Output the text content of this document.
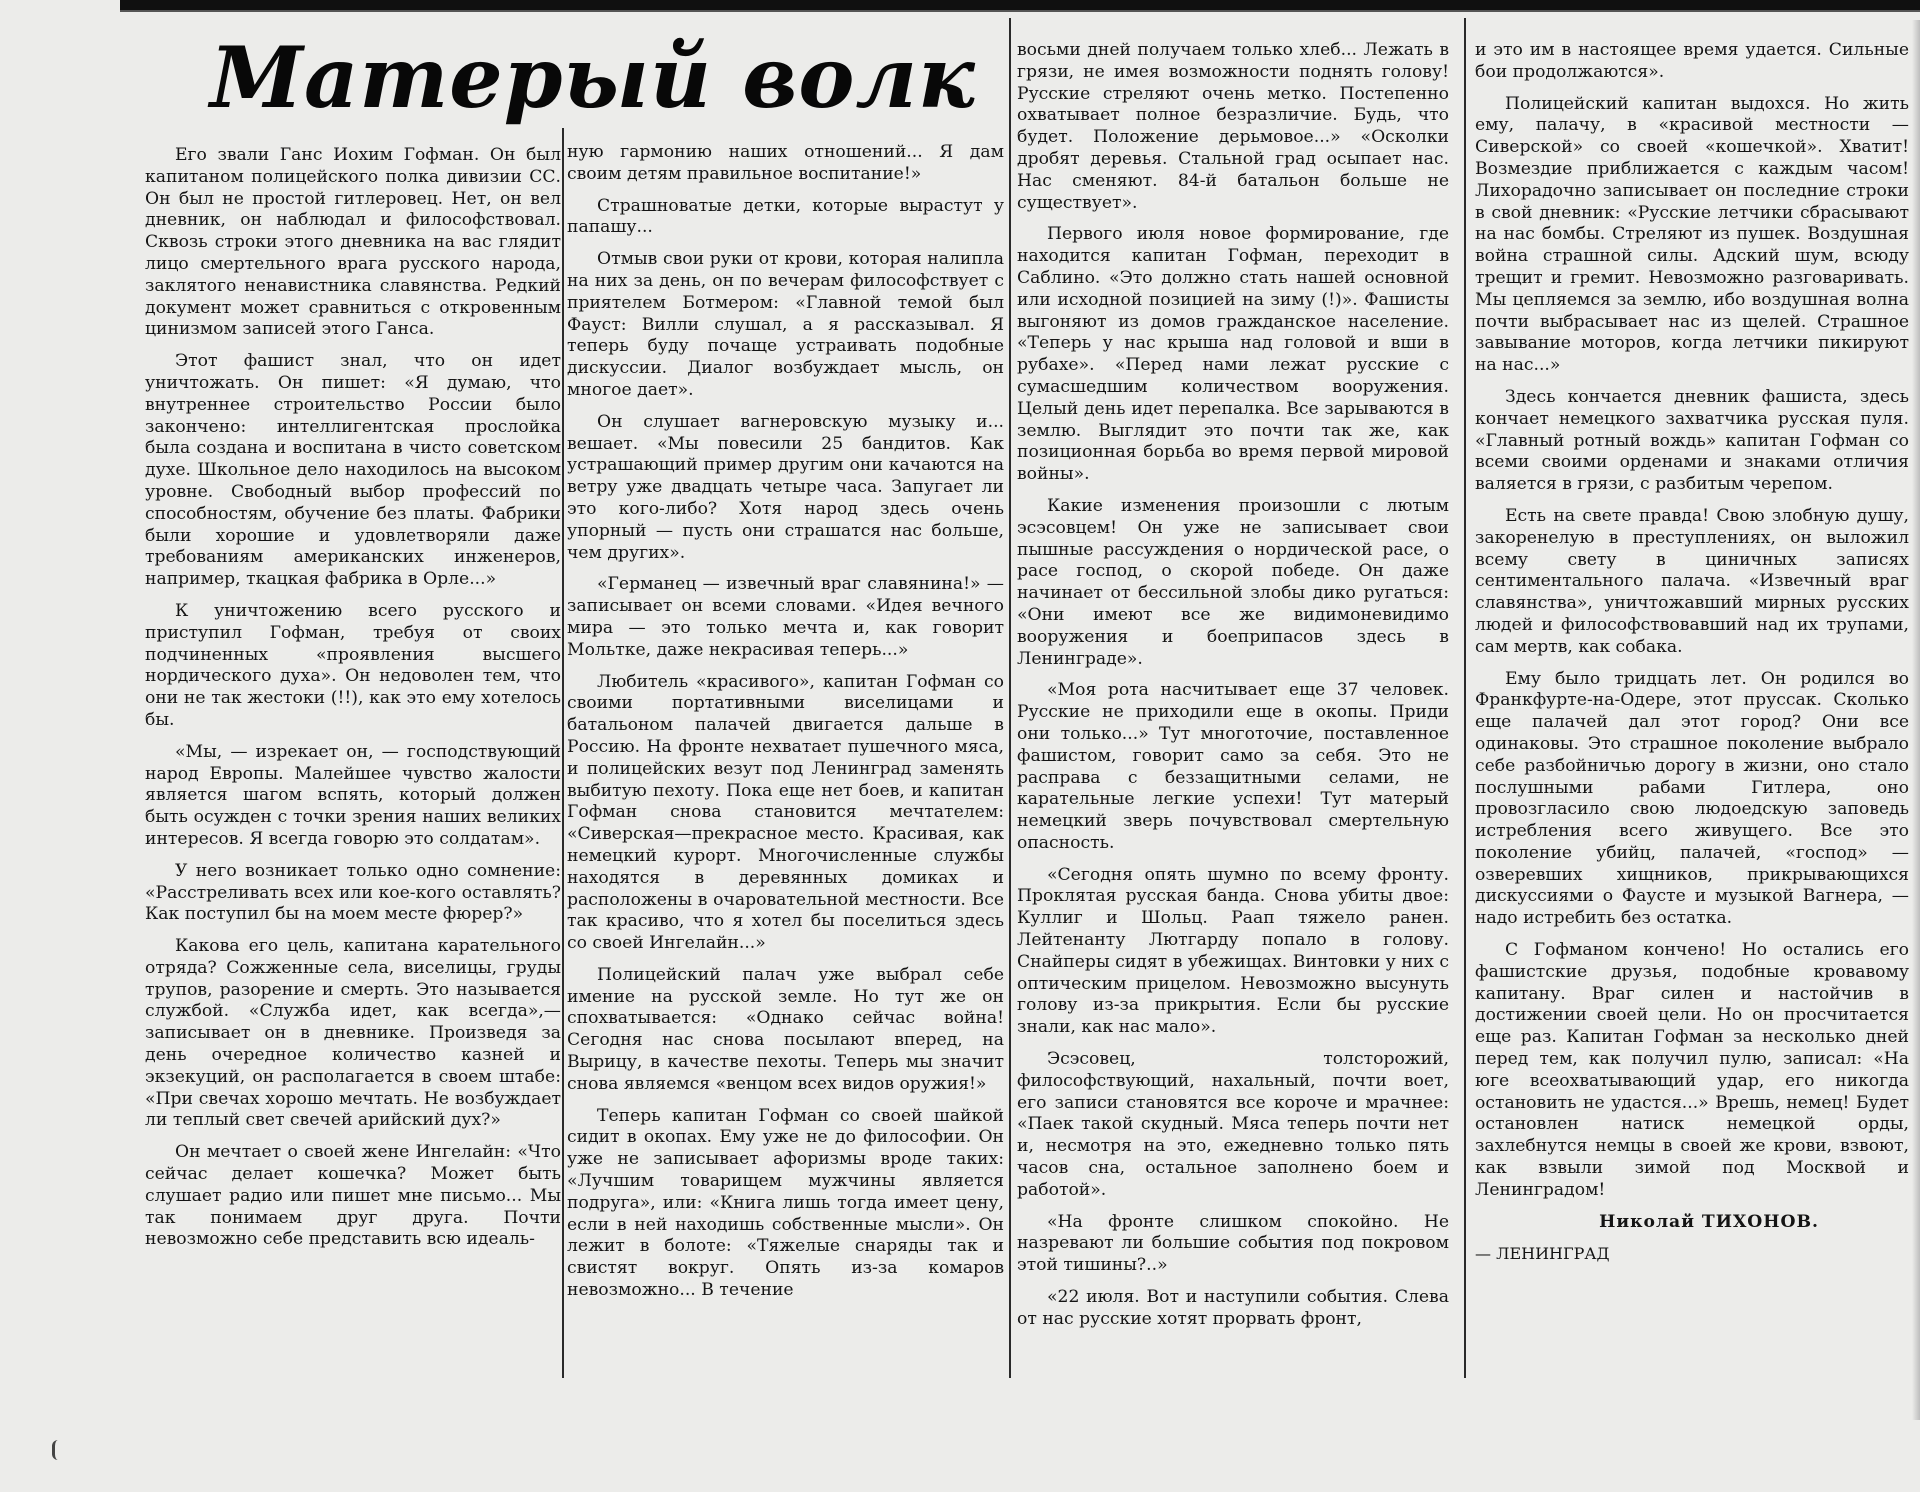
Матерый волк

Его звали Ганс Иохим Гофман. Он был капитаном полицейского полка дивизии СС. Он был не простой гитлеровец. Нет, он вел дневник, он наблюдал и философствовал. Сквозь строки этого дневника на вас глядит лицо смертельного врага русского народа, заклятого ненавистника славянства. Редкий документ может сравниться с откровенным цинизмом записей этого Ганса.

Этот фашист знал, что он идет уничтожать. Он пишет: «Я думаю, что внутреннее строительство России было закончено: интеллигентская прослойка была создана и воспитана в чисто советском духе. Школьное дело находилось на высоком уровне. Свободный выбор профессий по способностям, обучение без платы. Фабрики были хорошие и удовлетворяли даже требованиям американских инженеров, например, ткацкая фабрика в Орле...»

К уничтожению всего русского и приступил Гофман, требуя от своих подчиненных «проявления высшего нордического духа». Он недоволен тем, что они не так жестоки (!!), как это ему хотелось бы.

«Мы, — изрекает он, — господствующий народ Европы. Малейшее чувство жалости является шагом вспять, который должен быть осужден с точки зрения наших великих интересов. Я всегда говорю это солдатам».

У него возникает только одно сомнение: «Расстреливать всех или кое-кого оставлять? Как поступил бы на моем месте фюрер?»

Какова его цель, капитана карательного отряда? Сожженные села, виселицы, груды трупов, разорение и смерть. Это называется службой. «Служба идет, как всегда»,—записывает он в дневнике. Произведя за день очередное количество казней и экзекуций, он располагается в своем штабе: «При свечах хорошо мечтать. Не возбуждает ли теплый свет свечей арийский дух?»

Он мечтает о своей жене Ингелайн: «Что сейчас делает кошечка? Может быть слушает радио или пишет мне письмо... Мы так понимаем друг друга. Почти невозможно себе представить всю идеаль-

ную гармонию наших отношений... Я дам своим детям правильное воспитание!»

Страшноватые детки, которые вырастут у папашу...

Отмыв свои руки от крови, которая налипла на них за день, он по вечерам философствует с приятелем Ботмером: «Главной темой был Фауст: Вилли слушал, а я рассказывал. Я теперь буду почаще устраивать подобные дискуссии. Диалог возбуждает мысль, он многое дает».

Он слушает вагнеровскую музыку и... вешает. «Мы повесили 25 бандитов. Как устрашающий пример другим они качаются на ветру уже двадцать четыре часа. Запугает ли это кого-либо? Хотя народ здесь очень упорный — пусть они страшатся нас больше, чем других».

«Германец — извечный враг славянина!» — записывает он всеми словами. «Идея вечного мира — это только мечта и, как говорит Мольтке, даже некрасивая теперь...»

Любитель «красивого», капитан Гофман со своими портативными виселицами и батальоном палачей двигается дальше в Россию. На фронте нехватает пушечного мяса, и полицейских везут под Ленинград заменять выбитую пехоту. Пока еще нет боев, и капитан Гофман снова становится мечтателем: «Сиверская—прекрасное место. Красивая, как немецкий курорт. Многочисленные службы находятся в деревянных домиках и расположены в очаровательной местности. Все так красиво, что я хотел бы поселиться здесь со своей Ингелайн...»

Полицейский палач уже выбрал себе имение на русской земле. Но тут же он спохватывается: «Однако сейчас война! Сегодня нас снова посылают вперед, на Вырицу, в качестве пехоты. Теперь мы значит снова являемся «венцом всех видов оружия!»

Теперь капитан Гофман со своей шайкой сидит в окопах. Ему уже не до философии. Он уже не записывает афоризмы вроде таких: «Лучшим товарищем мужчины является подруга», или: «Книга лишь тогда имеет цену, если в ней находишь собственные мысли». Он лежит в болоте: «Тяжелые снаряды так и свистят вокруг. Опять из-за комаров невозможно... В течение

восьми дней получаем только хлеб... Лежать в грязи, не имея возможности поднять голову! Русские стреляют очень метко. Постепенно охватывает полное безразличие. Будь, что будет. Положение дерьмовое...» «Осколки дробят деревья. Стальной град осыпает нас. Нас сменяют. 84-й батальон больше не существует».

Первого июля новое формирование, где находится капитан Гофман, переходит в Саблино. «Это должно стать нашей основной или исходной позицией на зиму (!)». Фашисты выгоняют из домов гражданское население. «Теперь у нас крыша над головой и вши в рубахе». «Перед нами лежат русские с сумасшедшим количеством вооружения. Целый день идет перепалка. Все зарываются в землю. Выглядит это почти так же, как позиционная борьба во время первой мировой войны».

Какие изменения произошли с лютым эсэсовцем! Он уже не записывает свои пышные рассуждения о нордической расе, о расе господ, о скорой победе. Он даже начинает от бессильной злобы дико ругаться: «Они имеют все же видимоневидимо вооружения и боеприпасов здесь в Ленинграде».

«Моя рота насчитывает еще 37 человек. Русские не приходили еще в окопы. Приди они только...» Тут многоточие, поставленное фашистом, говорит само за себя. Это не расправа с беззащитными селами, не карательные легкие успехи! Тут матерый немецкий зверь почувствовал смертельную опасность.

«Сегодня опять шумно по всему фронту. Проклятая русская банда. Снова убиты двое: Куллиг и Шольц. Раап тяжело ранен. Лейтенанту Лютгарду попало в голову. Снайперы сидят в убежищах. Винтовки у них с оптическим прицелом. Невозможно высунуть голову из-за прикрытия. Если бы русские знали, как нас мало».

Эсэсовец, толсторожий, философствующий, нахальный, почти воет, его записи становятся все короче и мрачнее: «Паек такой скудный. Мяса теперь почти нет и, несмотря на это, ежедневно только пять часов сна, остальное заполнено боем и работой».

«На фронте слишком спокойно. Не назревают ли большие события под покровом этой тишины?..»

«22 июля. Вот и наступили события. Слева от нас русские хотят прорвать фронт,

и это им в настоящее время удается. Сильные бои продолжаются».

Полицейский капитан выдохся. Но жить ему, палачу, в «красивой местности — Сиверской» со своей «кошечкой». Хватит! Возмездие приближается с каждым часом! Лихорадочно записывает он последние строки в свой дневник: «Русские летчики сбрасывают на нас бомбы. Стреляют из пушек. Воздушная война страшной силы. Адский шум, всюду трещит и гремит. Невозможно разговаривать. Мы цепляемся за землю, ибо воздушная волна почти выбрасывает нас из щелей. Страшное завывание моторов, когда летчики пикируют на нас...»

Здесь кончается дневник фашиста, здесь кончает немецкого захватчика русская пуля. «Главный ротный вождь» капитан Гофман со всеми своими орденами и знаками отличия валяется в грязи, с разбитым черепом.

Есть на свете правда! Свою злобную душу, закоренелую в преступлениях, он выложил всему свету в циничных записях сентиментального палача. «Извечный враг славянства», уничтожавший мирных русских людей и философствовавший над их трупами, сам мертв, как собака.

Ему было тридцать лет. Он родился во Франкфурте-на-Одере, этот пруссак. Сколько еще палачей дал этот город? Они все одинаковы. Это страшное поколение выбрало себе разбойничью дорогу в жизни, оно стало послушными рабами Гитлера, оно провозгласило свою людоедскую заповедь истребления всего живущего. Все это поколение убийц, палачей, «господ» — озверевших хищников, прикрывающихся дискуссиями о Фаусте и музыкой Вагнера, — надо истребить без остатка.

С Гофманом кончено! Но остались его фашистские друзья, подобные кровавому капитану. Враг силен и настойчив в достижении своей цели. Но он просчитается еще раз. Капитан Гофман за несколько дней перед тем, как получил пулю, записал: «На юге всеохватывающий удар, его никогда остановить не удастся...» Врешь, немец! Будет остановлен натиск немецкой орды, захлебнутся немцы в своей же крови, взвоют, как взвыли зимой под Москвой и Ленинградом!

Николай ТИХОНОВ.

— ЛЕНИНГРАД
